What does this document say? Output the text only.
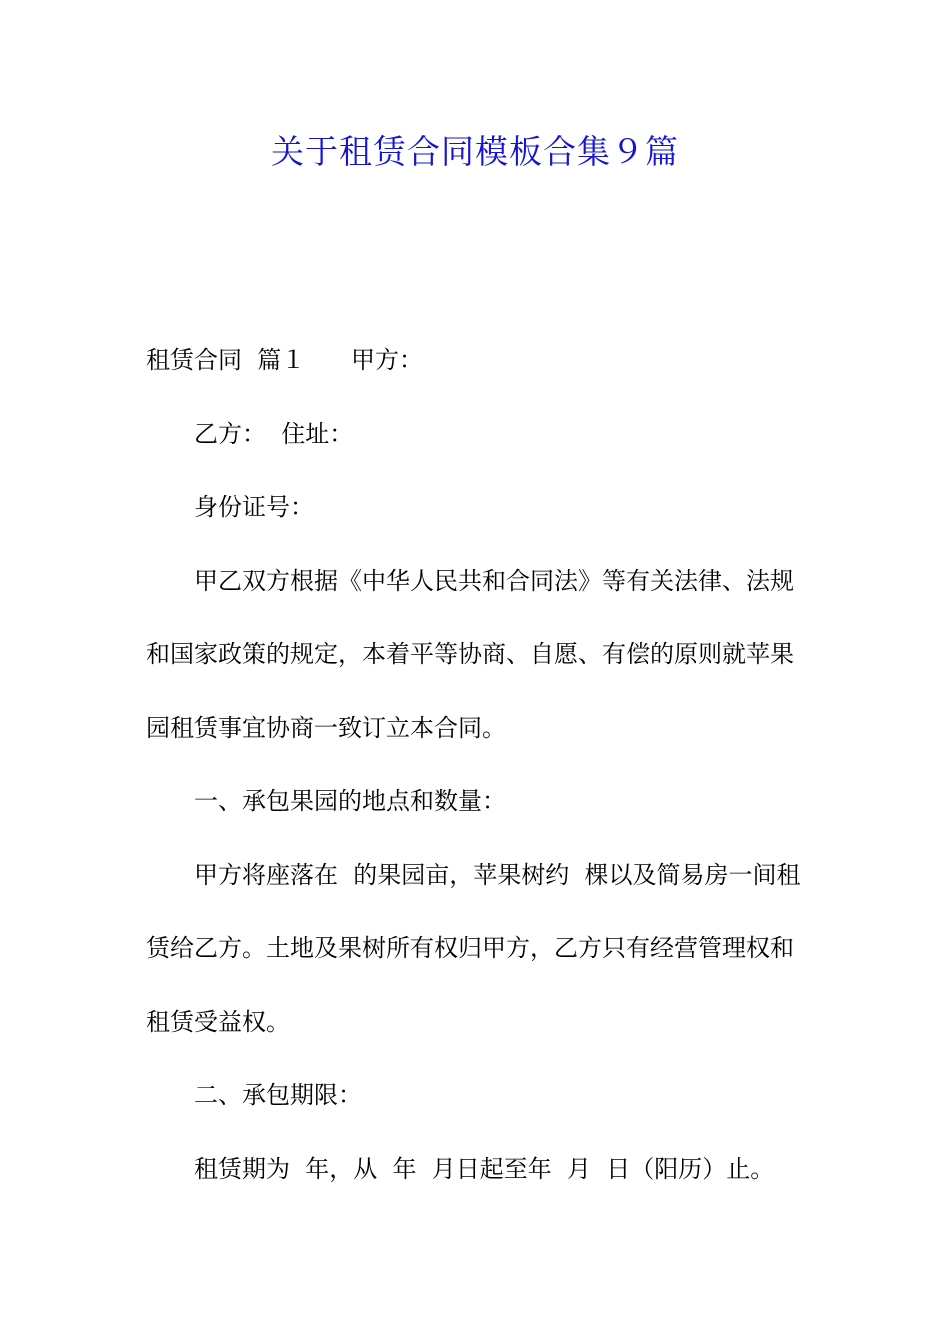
关于租赁合同模板合集９篇
租赁合同  篇１      甲方：
乙方：  住址：
身份证号：
甲乙双方根据《中华人民共和合同法》等有关法律、法规
和国家政策的规定，本着平等协商、自愿、有偿的原则就苹果
园租赁事宜协商一致订立本合同。
一、承包果园的地点和数量：
甲方将座落在  的果园亩，苹果树约  棵以及简易房一间租
赁给乙方。土地及果树所有权归甲方，乙方只有经营管理权和
租赁受益权。
二、承包期限：
租赁期为  年，从  年  月日起至年  月  日（阳历）止。
